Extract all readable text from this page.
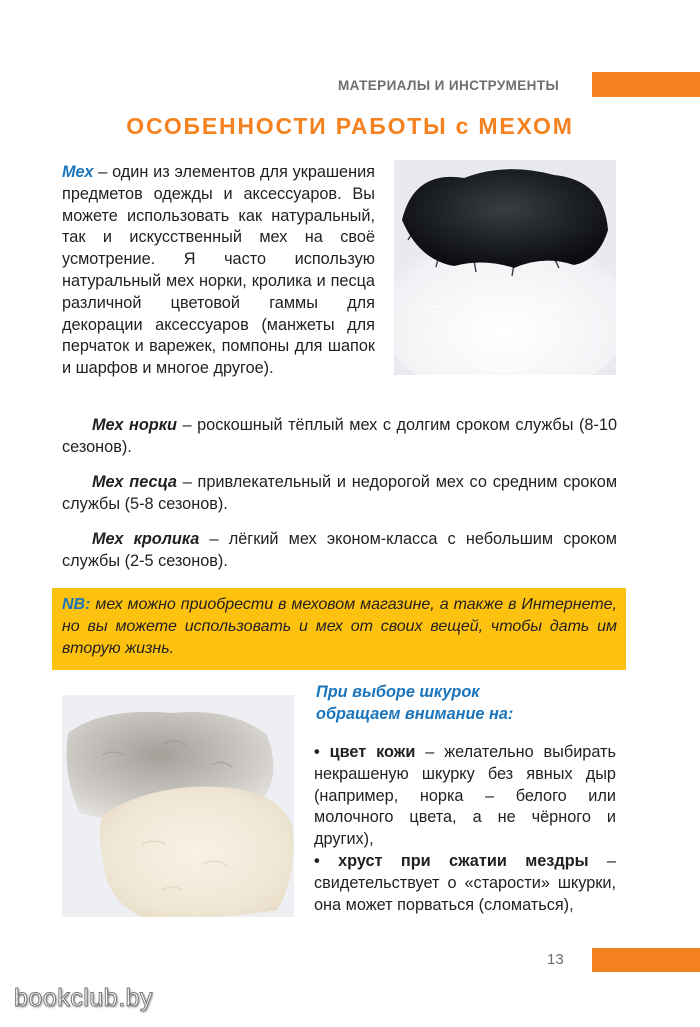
МАТЕРИАЛЫ И ИНСТРУМЕНТЫ
ОСОБЕННОСТИ РАБОТЫ с МЕХОМ

Мех – один из элементов для украшения предметов одежды и аксессуаров. Вы можете использовать как натуральный, так и искусственный мех на своё усмотрение. Я часто использую натуральный мех норки, кролика и песца различной цветовой гаммы для декорации аксессуаров (манжеты для перчаток и варежек, помпоны для шапок и шарфов и многое другое).

Мех норки – роскошный тёплый мех с долгим сроком службы (8-10 сезонов).

Мех песца – привлекательный и недорогой мех со средним сроком службы (5-8 сезонов).

Мех кролика – лёгкий мех эконом-класса с небольшим сроком службы (2-5 сезонов).

NB: мех можно приобрести в меховом магазине, а также в Интернете, но вы можете использовать и мех от своих вещей, чтобы дать им вторую жизнь.

При выборе шкурок
обращаем внимание на:

• цвет кожи – желательно выбирать некрашеную шкурку без явных дыр (например, норка – белого или молочного цвета, а не чёрного и других),

• хруст при сжатии мездры – свидетельствует о «старости» шкурки, она может порваться (сломаться),

13
bookclub.by
